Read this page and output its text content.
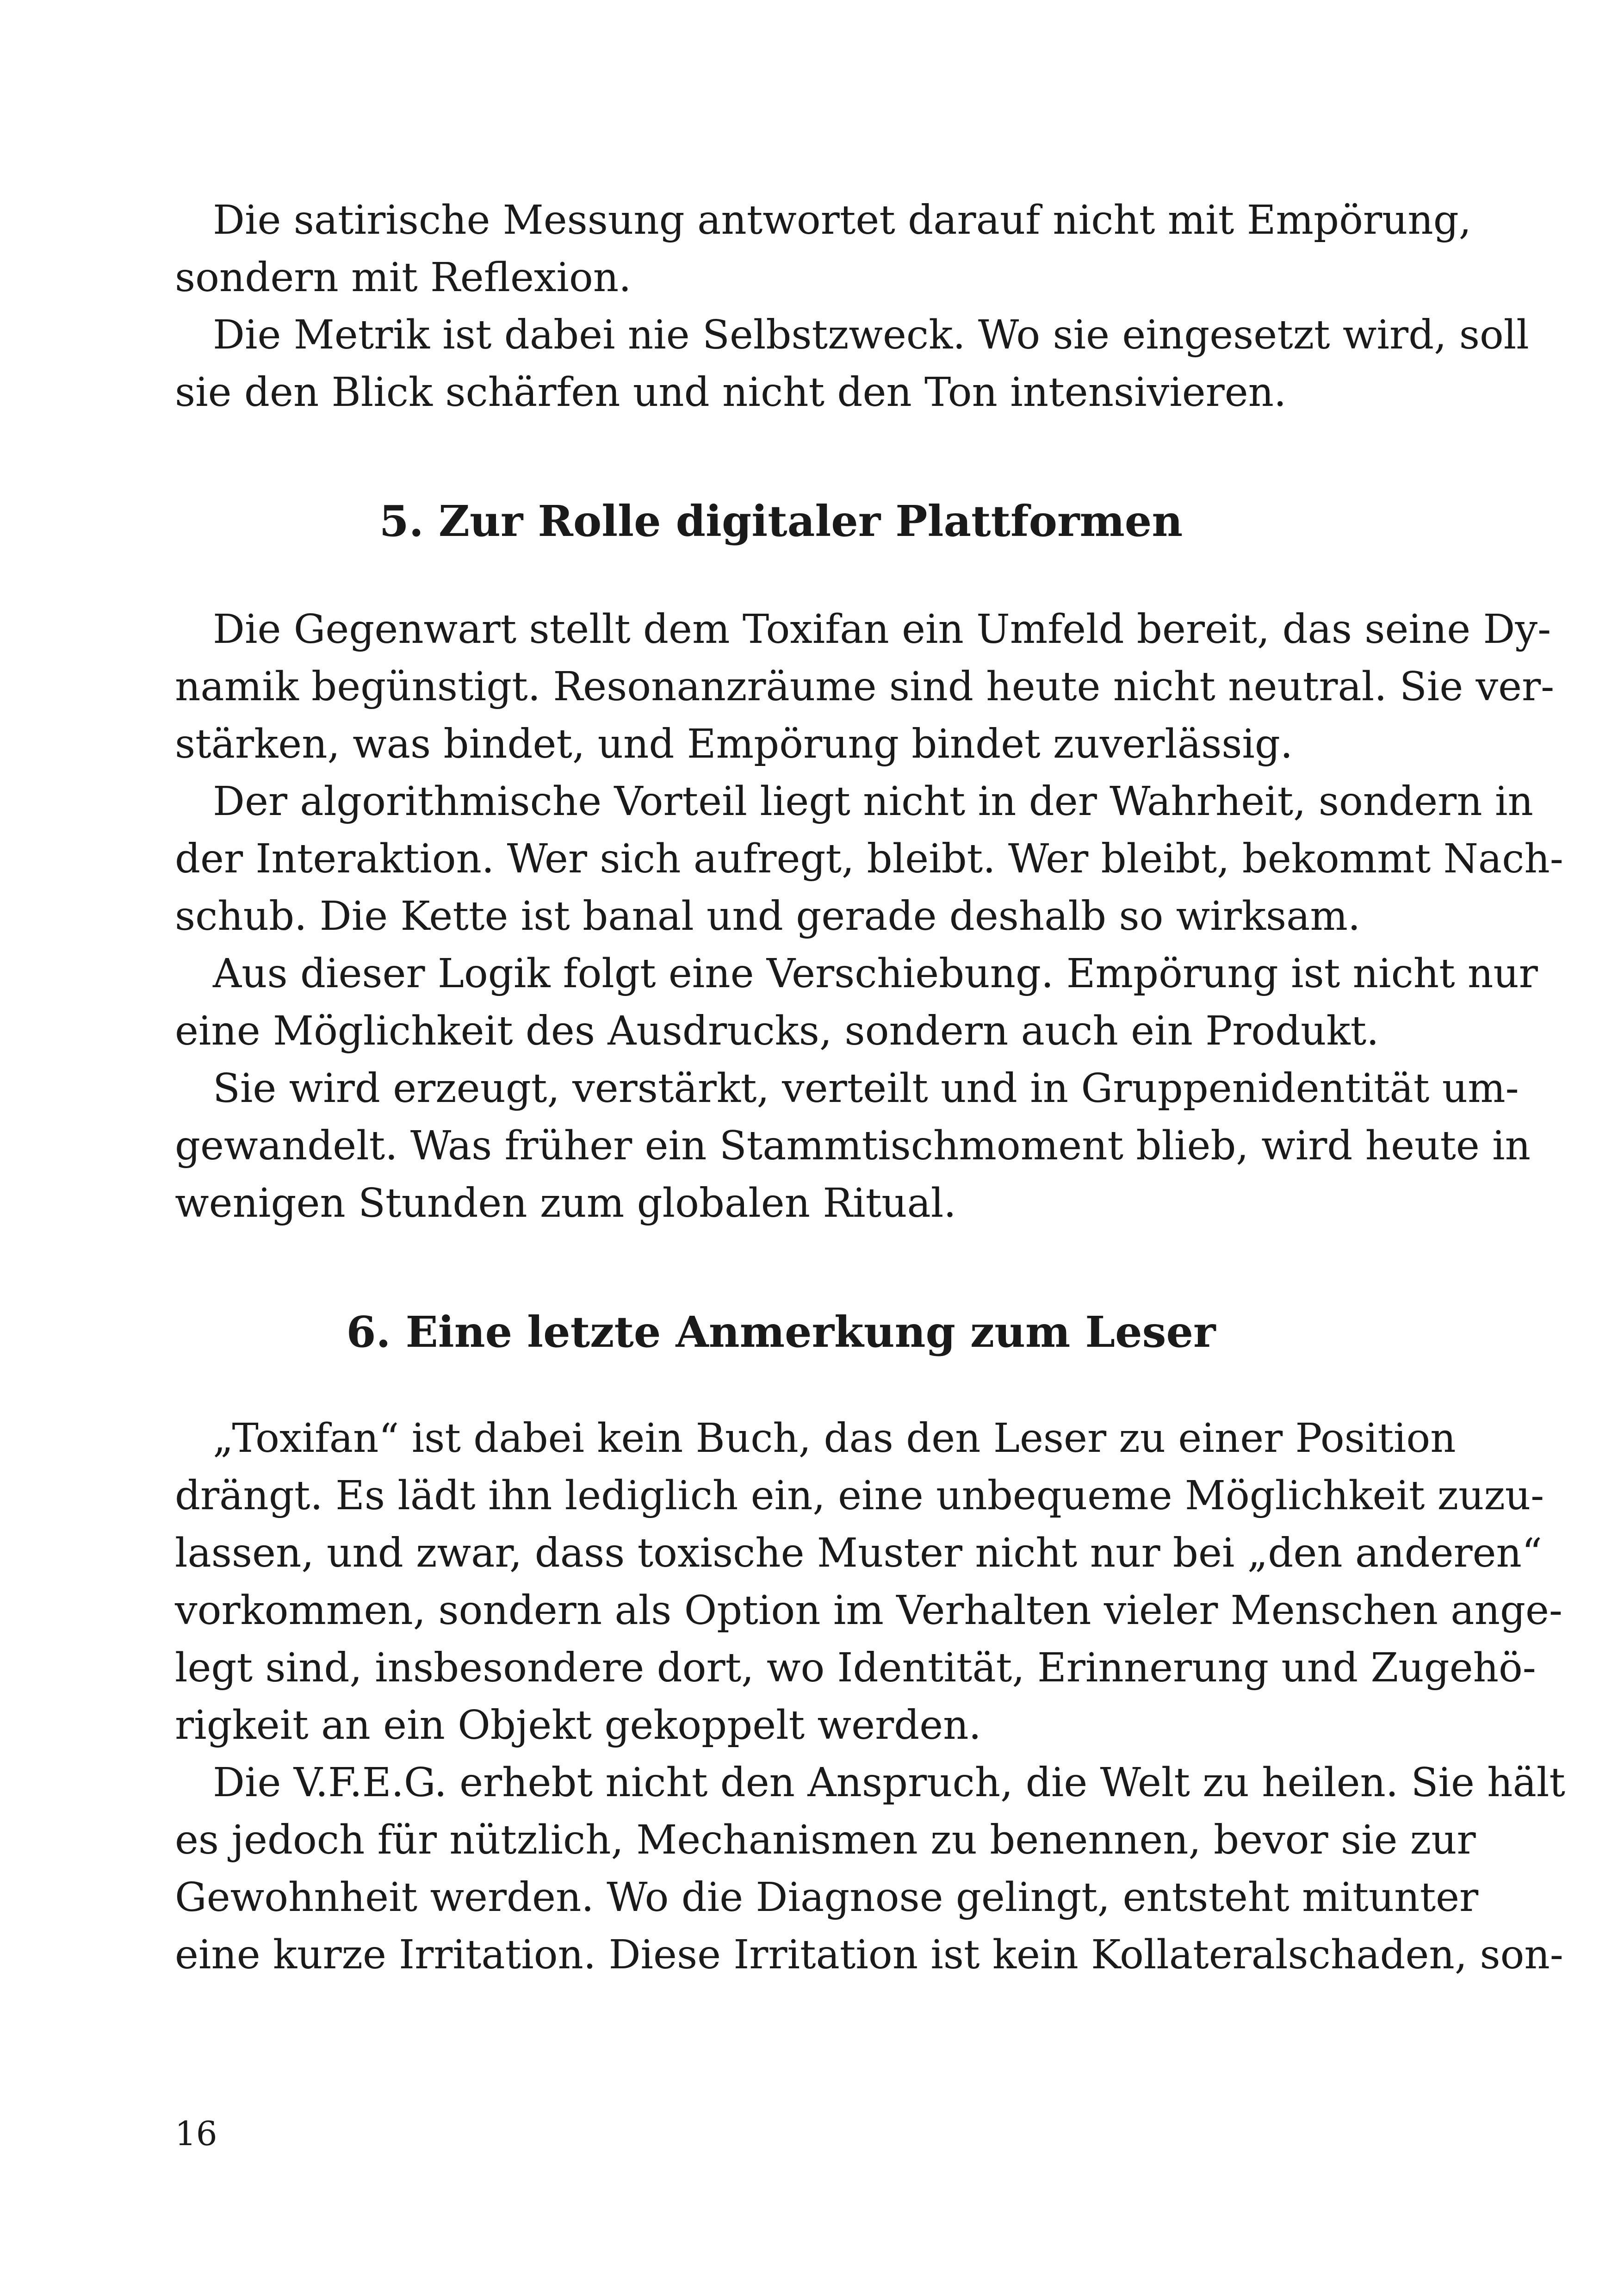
Die satirische Messung antwortet darauf nicht mit Empörung,
sondern mit Reflexion.
Die Metrik ist dabei nie Selbstzweck. Wo sie eingesetzt wird, soll
sie den Blick schärfen und nicht den Ton intensivieren.
5. Zur Rolle digitaler Plattformen
Die Gegenwart stellt dem Toxifan ein Umfeld bereit, das seine Dy-
namik begünstigt. Resonanzräume sind heute nicht neutral. Sie ver-
stärken, was bindet, und Empörung bindet zuverlässig.
Der algorithmische Vorteil liegt nicht in der Wahrheit, sondern in
der Interaktion. Wer sich aufregt, bleibt. Wer bleibt, bekommt Nach-
schub. Die Kette ist banal und gerade deshalb so wirksam.
Aus dieser Logik folgt eine Verschiebung. Empörung ist nicht nur
eine Möglichkeit des Ausdrucks, sondern auch ein Produkt.
Sie wird erzeugt, verstärkt, verteilt und in Gruppenidentität um-
gewandelt. Was früher ein Stammtischmoment blieb, wird heute in
wenigen Stunden zum globalen Ritual.
6. Eine letzte Anmerkung zum Leser
„Toxifan“ ist dabei kein Buch, das den Leser zu einer Position
drängt. Es lädt ihn lediglich ein, eine unbequeme Möglichkeit zuzu-
lassen, und zwar, dass toxische Muster nicht nur bei „den anderen“
vorkommen, sondern als Option im Verhalten vieler Menschen ange-
legt sind, insbesondere dort, wo Identität, Erinnerung und Zugehö-
rigkeit an ein Objekt gekoppelt werden.
Die V.F.E.G. erhebt nicht den Anspruch, die Welt zu heilen. Sie hält
es jedoch für nützlich, Mechanismen zu benennen, bevor sie zur
Gewohnheit werden. Wo die Diagnose gelingt, entsteht mitunter
eine kurze Irritation. Diese Irritation ist kein Kollateralschaden, son-
16
